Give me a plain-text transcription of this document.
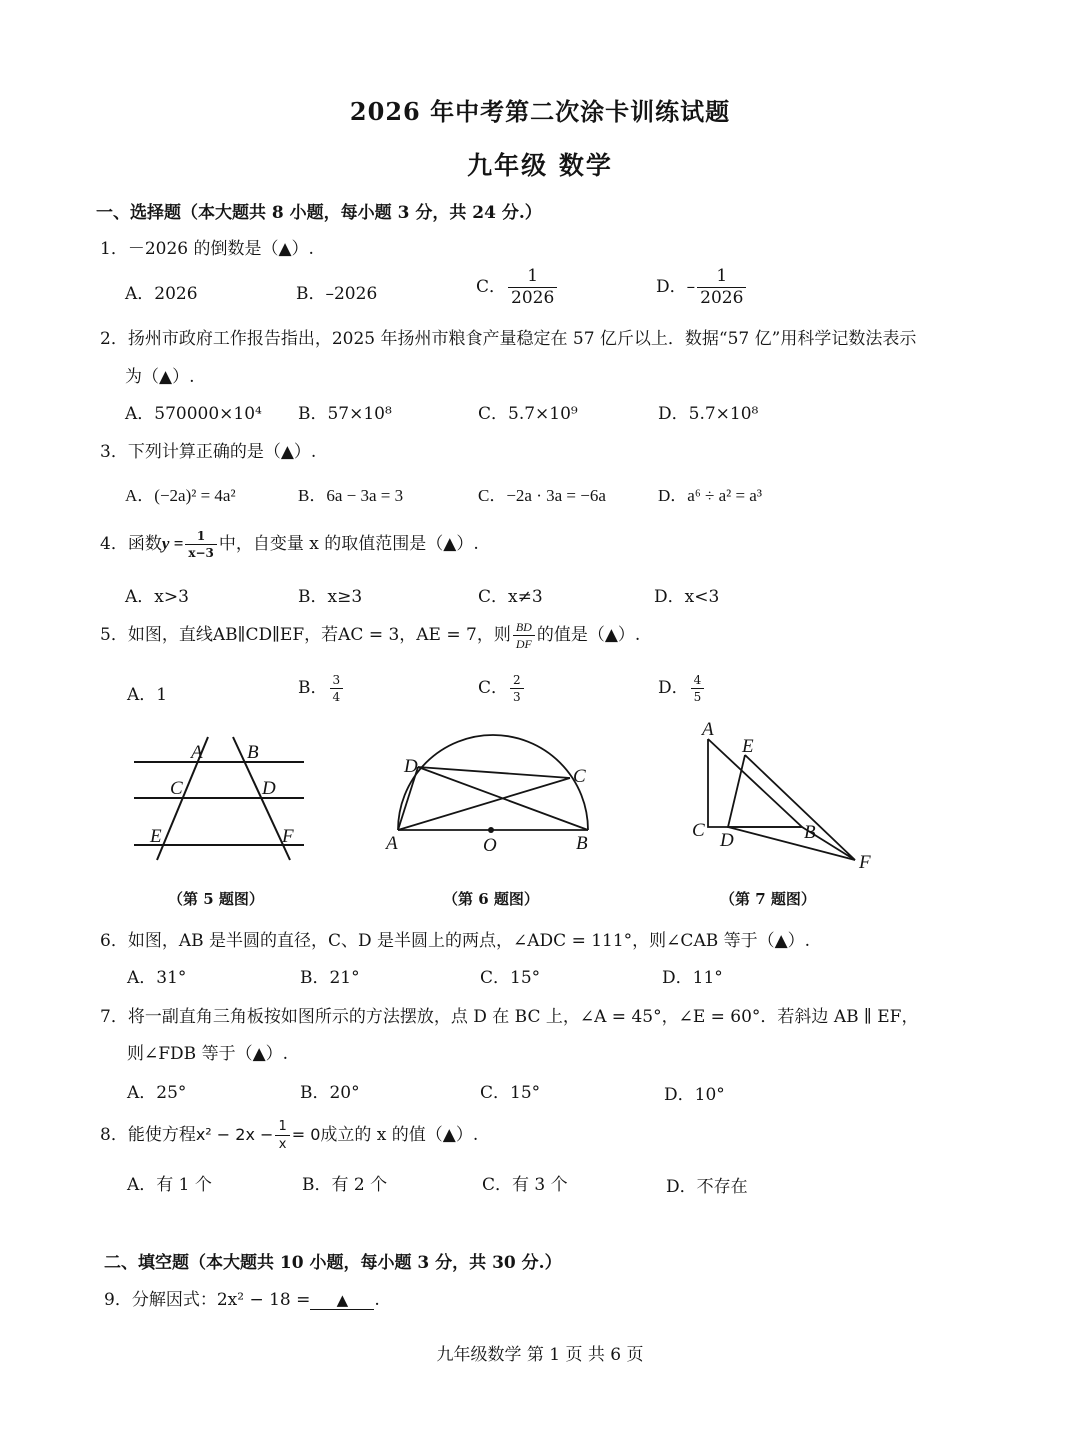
2026 年中考第二次涂卡训练试题
九年级 数学
一、选择题（本大题共 8 小题，每小题 3 分，共 24 分.）
1．－2026 的倒数是（▲）.
A．2026	B．–2026	C． $\frac{1}{2026}$	D．– $\frac{1}{2026}$
2．扬州市政府工作报告指出，2025 年扬州市粮食产量稳定在 57 亿斤以上．数据“57 亿”用科学记数法表示
为（▲）.
A．570000×10⁴ B．57×10⁸	C．5.7×10⁹	D．5.7×10⁸
3．下列计算正确的是（▲）.
A．(−2a)² = 4a²	B．6a − 3a = 3	C．−2a · 3a = −6a	D．a⁶ ÷ a² = a³
4．函数$y = \frac{1}{x-3}$ 中，自变量 x 的取值范围是（▲）.
A．x>3	B．x≥3	C．x≠3	D．x<3
5．如图，直线AB∥CD∥EF，若AC = 3，AE = 7，则 $\frac{BD}{DF}$ 的值是（▲）.
A．1	B． $\frac{3}{4}$	C． $\frac{2}{3}$	D． $\frac{4}{5}$
A B
C	D
E	F
D	C
A	O	B
A
E
C D	B
F
（第 5 题图）	（第 6 题图）	（第 7 题图）
6．如图，AB 是半圆的直径，C、D 是半圆上的两点，∠ADC = 111°，则∠CAB 等于（▲）.
A．31°	B．21°	C．15°	D．11°
7．将一副直角三角板按如图所示的方法摆放，点 D 在 BC 上，∠A = 45°，∠E = 60°．若斜边 AB ∥ EF，
则∠FDB 等于（▲）.
A．25°	B．20°	C．15°	D．10°
8．能使方程$x^2 - 2x - \frac{1}{x} = 0$成立的 x 的值（▲）.
A．有 1 个	B．有 2 个	C．有 3 个	D．不存在
二、填空题（本大题共 10 小题，每小题 3 分，共 30 分.）
9．分解因式：2x² − 18 = ▲ .
九年级数学 第 1 页 共 6 页
